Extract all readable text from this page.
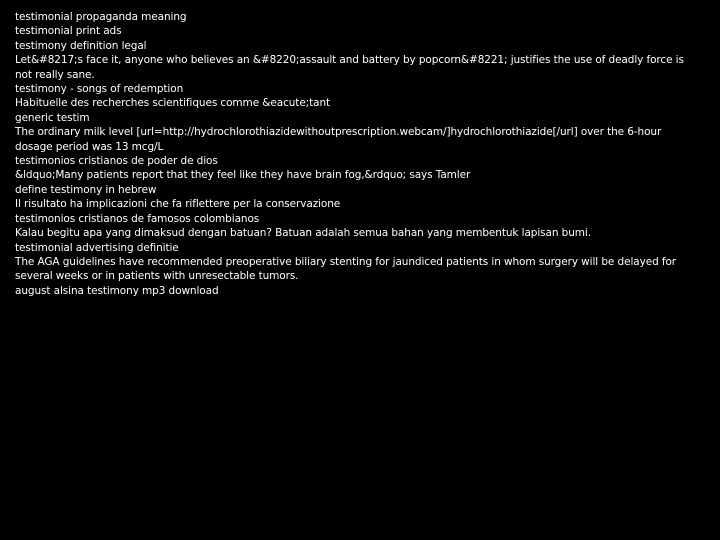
testimonial propaganda meaning
testimonial print ads
testimony definition legal
Let&#8217;s face it, anyone who believes an &#8220;assault and battery by popcorn&#8221; justifies the use of deadly force is not really sane.
testimony - songs of redemption
Habituelle des recherches scientifiques comme &eacute;tant
generic testim
The ordinary milk level [url=http://hydrochlorothiazidewithoutprescription.webcam/]hydrochlorothiazide[/url] over the 6-hour dosage period was 13 mcg/L
testimonios cristianos de poder de dios
&ldquo;Many patients report that they feel like they have brain fog,&rdquo; says Tamler
define testimony in hebrew
Il risultato ha implicazioni che fa riflettere per la conservazione
testimonios cristianos de famosos colombianos
Kalau begitu apa yang dimaksud dengan batuan? Batuan adalah semua bahan yang membentuk lapisan bumi.
testimonial advertising definitie
The AGA guidelines have recommended preoperative biliary stenting for jaundiced patients in whom surgery will be delayed for several weeks or in patients with unresectable tumors.
august alsina testimony mp3 download
